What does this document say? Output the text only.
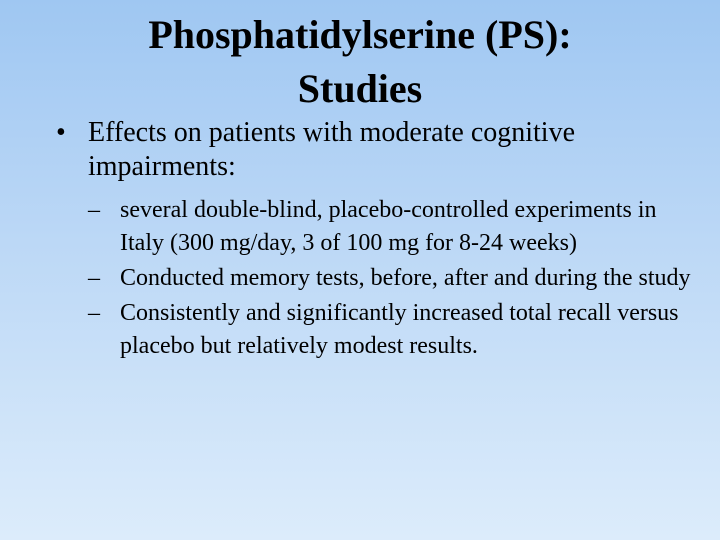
Phosphatidylserine (PS):
Studies
• Effects on patients with moderate cognitive impairments:
– several double-blind, placebo-controlled experiments in Italy (300 mg/day, 3 of 100 mg for 8-24 weeks)
– Conducted memory tests, before, after and during the study
– Consistently and significantly increased total recall versus placebo but relatively modest results.
